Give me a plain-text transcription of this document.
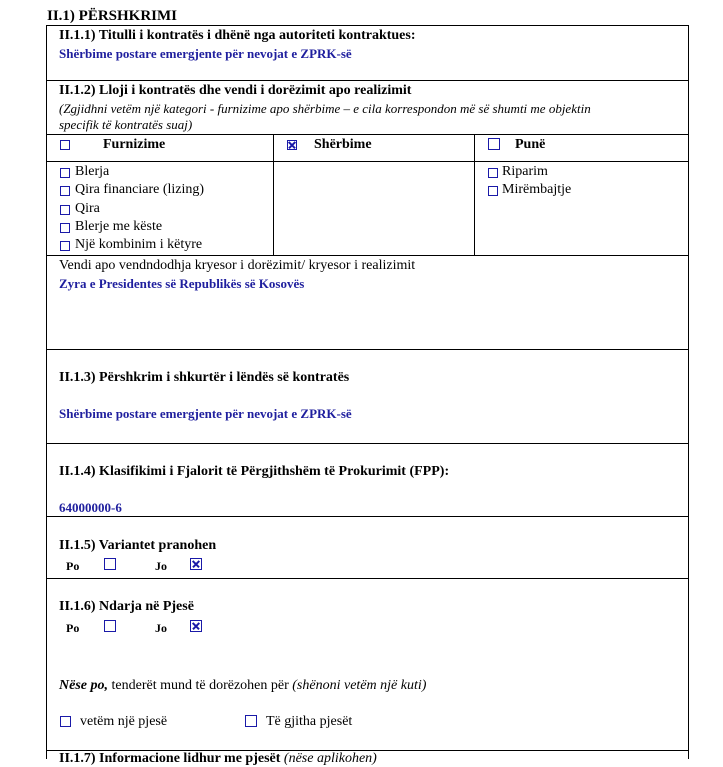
II.1) PËRSHKRIMI
II.1.1) Titulli i kontratës i dhënë nga autoriteti kontraktues:
Shërbime postare emergjente për nevojat e ZPRK-së
II.1.2) Lloji i kontratës dhe vendi i dorëzimit apo realizimit
(Zgjidhni vetëm një kategori - furnizime apo shërbime – e cila korrespondon më së shumti me objektin
specifik të kontratës suaj)
Furnizime	Shërbime	Punë
Blerja
Qira financiare (lizing)
Qira
Blerje me këste
Një kombinim i këtyre
Riparim
Mirëmbajtje
Vendi apo vendndodhja kryesor i dorëzimit/ kryesor i realizimit
Zyra e Presidentes së Republikës së Kosovës
II.1.3) Përshkrim i shkurtër i lëndës së kontratës
Shërbime postare emergjente për nevojat e ZPRK-së
II.1.4) Klasifikimi i Fjalorit të Përgjithshëm të Prokurimit (FPP):
64000000-6
II.1.5) Variantet pranohen
Po	Jo
II.1.6) Ndarja në Pjesë
Po	Jo
Nëse po, tenderët mund të dorëzohen për (shënoni vetëm një kuti)
vetëm një pjesë	Të gjitha pjesët
II.1.7) Informacione lidhur me pjesët (nëse aplikohen)
